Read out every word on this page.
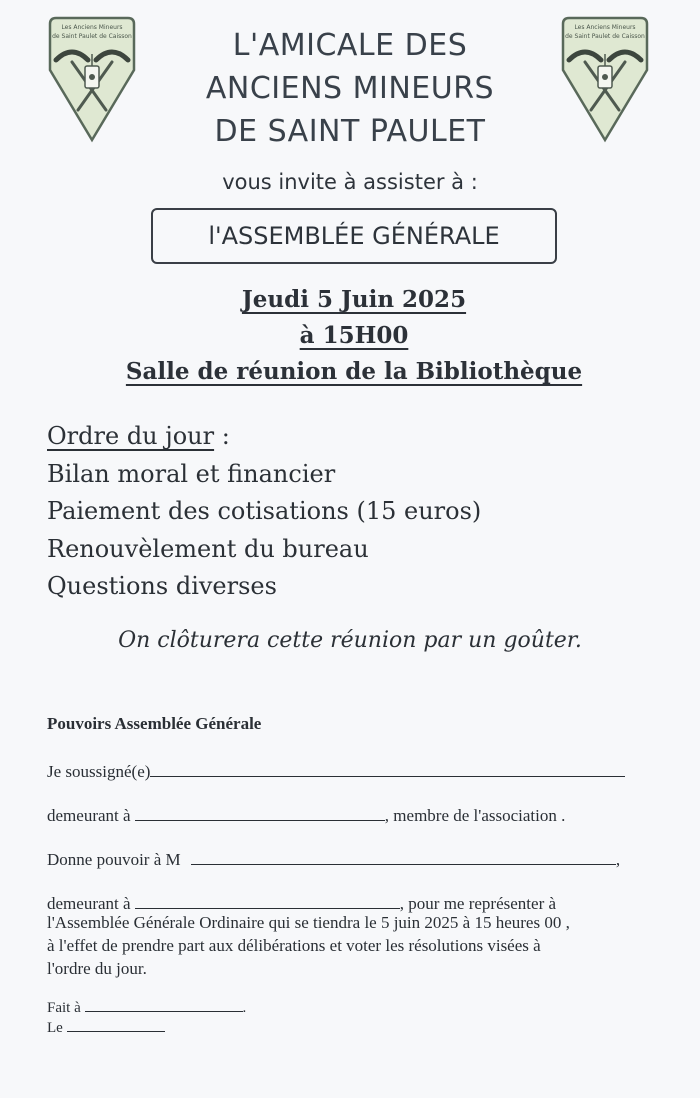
Les Anciens Mineurs
de Saint Paulet de Caisson
Les Anciens Mineurs
de Saint Paulet de Caisson
L'AMICALE DES
ANCIENS MINEURS
DE SAINT PAULET
vous invite à assister à :
l'ASSEMBLÉE GÉNÉRALE
Jeudi 5 Juin 2025
à 15H00
Salle de réunion de la Bibliothèque
Ordre du jour :
Bilan moral et financier
Paiement des cotisations (15 euros)
Renouvèlement du bureau
Questions diverses
On clôturera cette réunion par un goûter.
Pouvoirs Assemblée Générale
Je soussigné(e)
demeurant à	, membre de l'association .
Donne pouvoir à M	,
demeurant à	, pour me représenter à
l'Assemblée Générale Ordinaire qui se tiendra le 5 juin 2025 à 15 heures 00 ,
à l'effet de prendre part aux délibérations et voter les résolutions visées à
l'ordre du jour.
Fait à	.
Le
